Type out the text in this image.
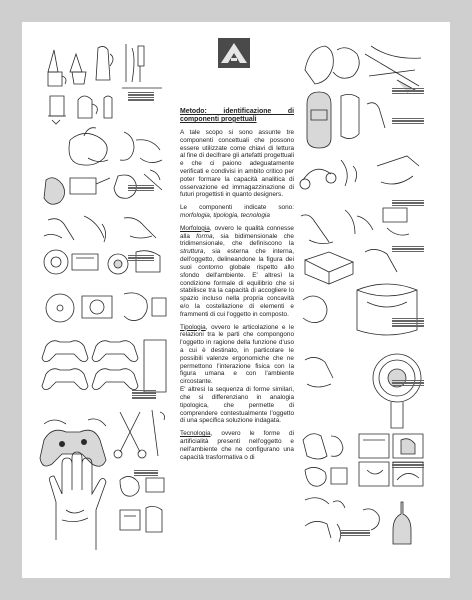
Metodo: identificazione di componenti progettuali

A tale scopo si sono assunte tre componenti concettuali che possono essere utilizzate come chiavi di lettura al fine di decifrare gli artefatti progettuali e che ci paiono adeguatamente verificati e condivisi in ambito critico per poter formare la capacità analitica di osservazione ed immagazzinazione di futuri progettisti in quanto designers.

Le componenti indicate sono: morfologia, tipologia, tecnologia

Morfologia, ovvero le qualità connesse alla forma, sia bidimensionale che tridimensionale, che definiscono la struttura, sia esterna che interna, dell'oggetto, delineandone la figura dei suoi contorno globale rispetto allo sfondo dell'ambiente. E' altresì la condizione formale di equilibrio che si stabilisce tra la capacità di accogliere lo spazio incluso nella propria concavità e/o la costellazione di elementi e frammenti di cui l'oggetto in composto.

Tipologia, ovvero le articolazione e le relazioni tra le parti che compongono l'oggetto in ragione della funzione d'uso a cui è destinato, in particolare le possibili valenze ergonomiche che ne permettono l'interazione fisica con la figura umana e con l'ambiente circostante.
E' altresì la sequenza di forme similari, che si differenziano in analogia tipologica, che permette di comprendere contestualmente l'oggetto di una specifica soluzione indagata.

Tecnologia, ovvero le forme di artificialità presenti nell'oggetto e nell'ambiente che ne configurano una capacità trasformativa o di
